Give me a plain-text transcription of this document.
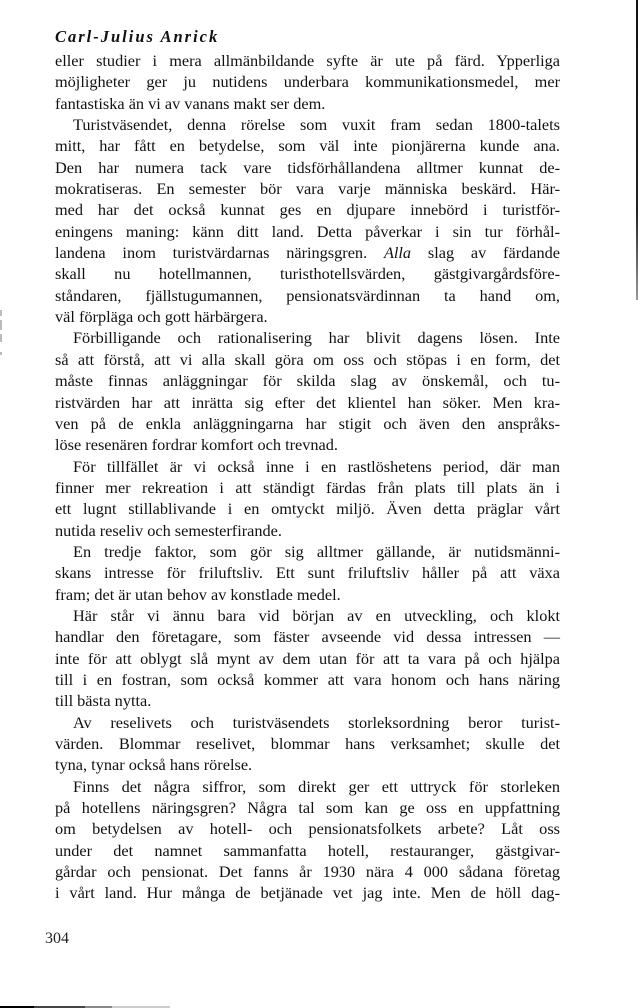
Carl-Julius Anrick
eller studier i mera allmänbildande syfte är ute på färd. Ypperliga
möjligheter ger ju nutidens underbara kommunikationsmedel, mer
fantastiska än vi av vanans makt ser dem.
Turistväsendet, denna rörelse som vuxit fram sedan 1800-talets
mitt, har fått en betydelse, som väl inte pionjärerna kunde ana.
Den har numera tack vare tidsförhållandena alltmer kunnat de-
mokratiseras. En semester bör vara varje människa beskärd. Här-
med har det också kunnat ges en djupare innebörd i turistför-
eningens maning: känn ditt land. Detta påverkar i sin tur förhål-
landena inom turistvärdarnas näringsgren. Alla slag av färdande
skall nu hotellmannen, turisthotellsvärden, gästgivargårdsföre-
ståndaren, fjällstugumannen, pensionatsvärdinnan ta hand om,
väl förpläga och gott härbärgera.
Förbilligande och rationalisering har blivit dagens lösen. Inte
så att förstå, att vi alla skall göra om oss och stöpas i en form, det
måste finnas anläggningar för skilda slag av önskemål, och tu-
ristvärden har att inrätta sig efter det klientel han söker. Men kra-
ven på de enkla anläggningarna har stigit och även den anspråks-
löse resenären fordrar komfort och trevnad.
För tillfället är vi också inne i en rastlöshetens period, där man
finner mer rekreation i att ständigt färdas från plats till plats än i
ett lugnt stillablivande i en omtyckt miljö. Även detta präglar vårt
nutida reseliv och semesterfirande.
En tredje faktor, som gör sig alltmer gällande, är nutidsmänni-
skans intresse för friluftsliv. Ett sunt friluftsliv håller på att växa
fram; det är utan behov av konstlade medel.
Här står vi ännu bara vid början av en utveckling, och klokt
handlar den företagare, som fäster avseende vid dessa intressen —
inte för att oblygt slå mynt av dem utan för att ta vara på och hjälpa
till i en fostran, som också kommer att vara honom och hans näring
till bästa nytta.
Av reselivets och turistväsendets storleksordning beror turist-
värden. Blommar reselivet, blommar hans verksamhet; skulle det
tyna, tynar också hans rörelse.
Finns det några siffror, som direkt ger ett uttryck för storleken
på hotellens näringsgren? Några tal som kan ge oss en uppfattning
om betydelsen av hotell- och pensionatsfolkets arbete? Låt oss
under det namnet sammanfatta hotell, restauranger, gästgivar-
gårdar och pensionat. Det fanns år 1930 nära 4 000 sådana företag
i vårt land. Hur många de betjänade vet jag inte. Men de höll dag-
304
